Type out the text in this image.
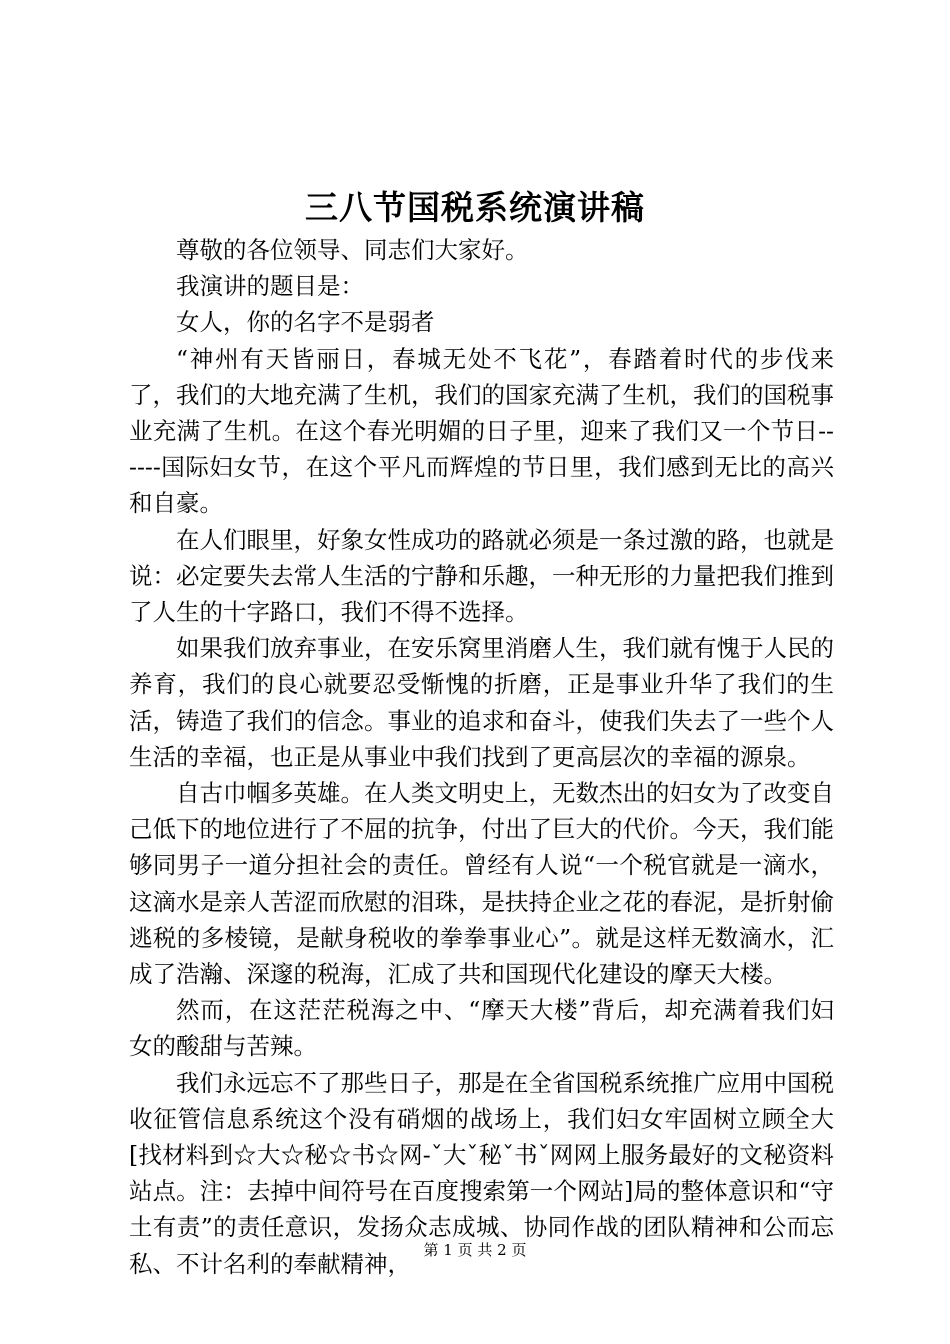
三八节国税系统演讲稿

尊敬的各位领导、同志们大家好。

我演讲的题目是：

女人，你的名字不是弱者

“神州有天皆丽日，春城无处不飞花”，春踏着时代的步伐来了，我们的大地充满了生机，我们的国家充满了生机，我们的国税事业充满了生机。在这个春光明媚的日子里，迎来了我们又一个节日------国际妇女节，在这个平凡而辉煌的节日里，我们感到无比的高兴和自豪。

在人们眼里，好象女性成功的路就必须是一条过激的路，也就是说：必定要失去常人生活的宁静和乐趣，一种无形的力量把我们推到了人生的十字路口，我们不得不选择。

如果我们放弃事业，在安乐窝里消磨人生，我们就有愧于人民的养育，我们的良心就要忍受惭愧的折磨，正是事业升华了我们的生活，铸造了我们的信念。事业的追求和奋斗，使我们失去了一些个人生活的幸福，也正是从事业中我们找到了更高层次的幸福的源泉。

自古巾帼多英雄。在人类文明史上，无数杰出的妇女为了改变自己低下的地位进行了不屈的抗争，付出了巨大的代价。今天，我们能够同男子一道分担社会的责任。曾经有人说“一个税官就是一滴水，这滴水是亲人苦涩而欣慰的泪珠，是扶持企业之花的春泥，是折射偷逃税的多棱镜，是献身税收的拳拳事业心”。就是这样无数滴水，汇成了浩瀚、深邃的税海，汇成了共和国现代化建设的摩天大楼。

然而，在这茫茫税海之中、“摩天大楼”背后，却充满着我们妇女的酸甜与苦辣。

我们永远忘不了那些日子，那是在全省国税系统推广应用中国税收征管信息系统这个没有硝烟的战场上，我们妇女牢固树立顾全大[找材料到☆大☆秘☆书☆网-ˇ大ˇ秘ˇ书ˇ网网上服务最好的文秘资料站点。注：去掉中间符号在百度搜索第一个网站]局的整体意识和“守土有责”的责任意识，发扬众志成城、协同作战的团队精神和公而忘私、不计名利的奉献精神， 第 1 页 共 2 页
